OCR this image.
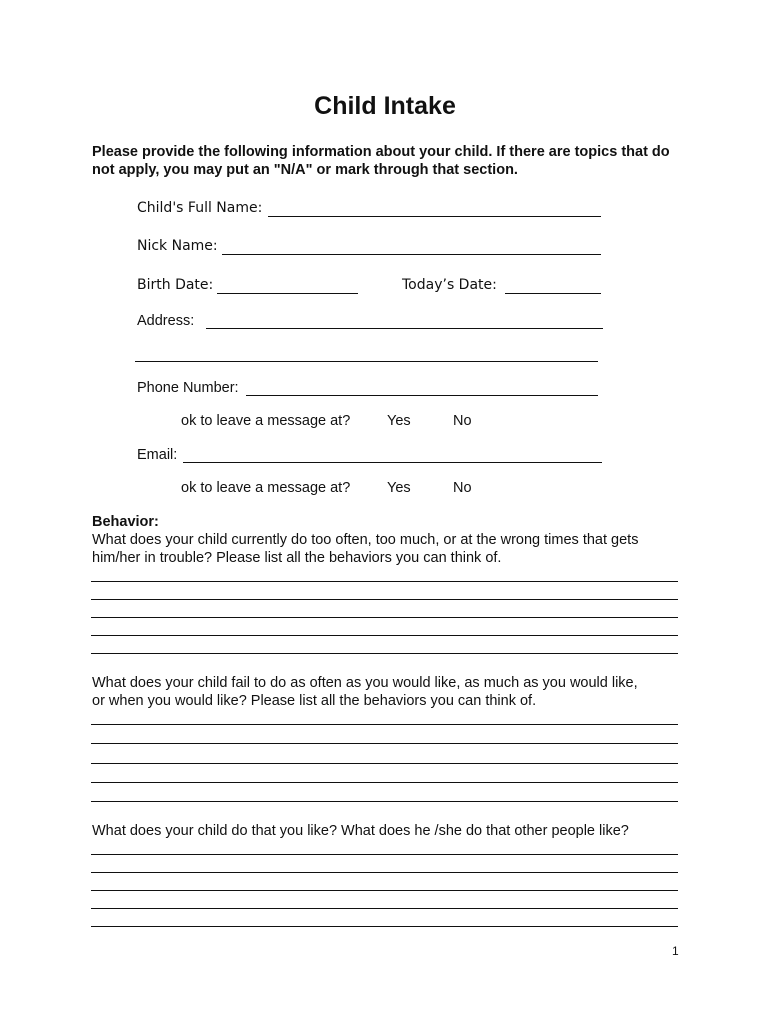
Child Intake
Please provide the following information about your child. If there are topics that do not apply, you may put an "N/A" or mark through that section.
Child's Full Name:
Nick Name:
Birth Date:	Today’s Date:
Address:
Phone Number:
ok to leave a message at?	Yes	No
Email:
ok to leave a message at?	Yes	No
Behavior:
What does your child currently do too often, too much, or at the wrong times that gets him/her in trouble? Please list all the behaviors you can think of.
What does your child fail to do as often as you would like, as much as you would like, or when you would like? Please list all the behaviors you can think of.
What does your child do that you like? What does he /she do that other people like?
1
